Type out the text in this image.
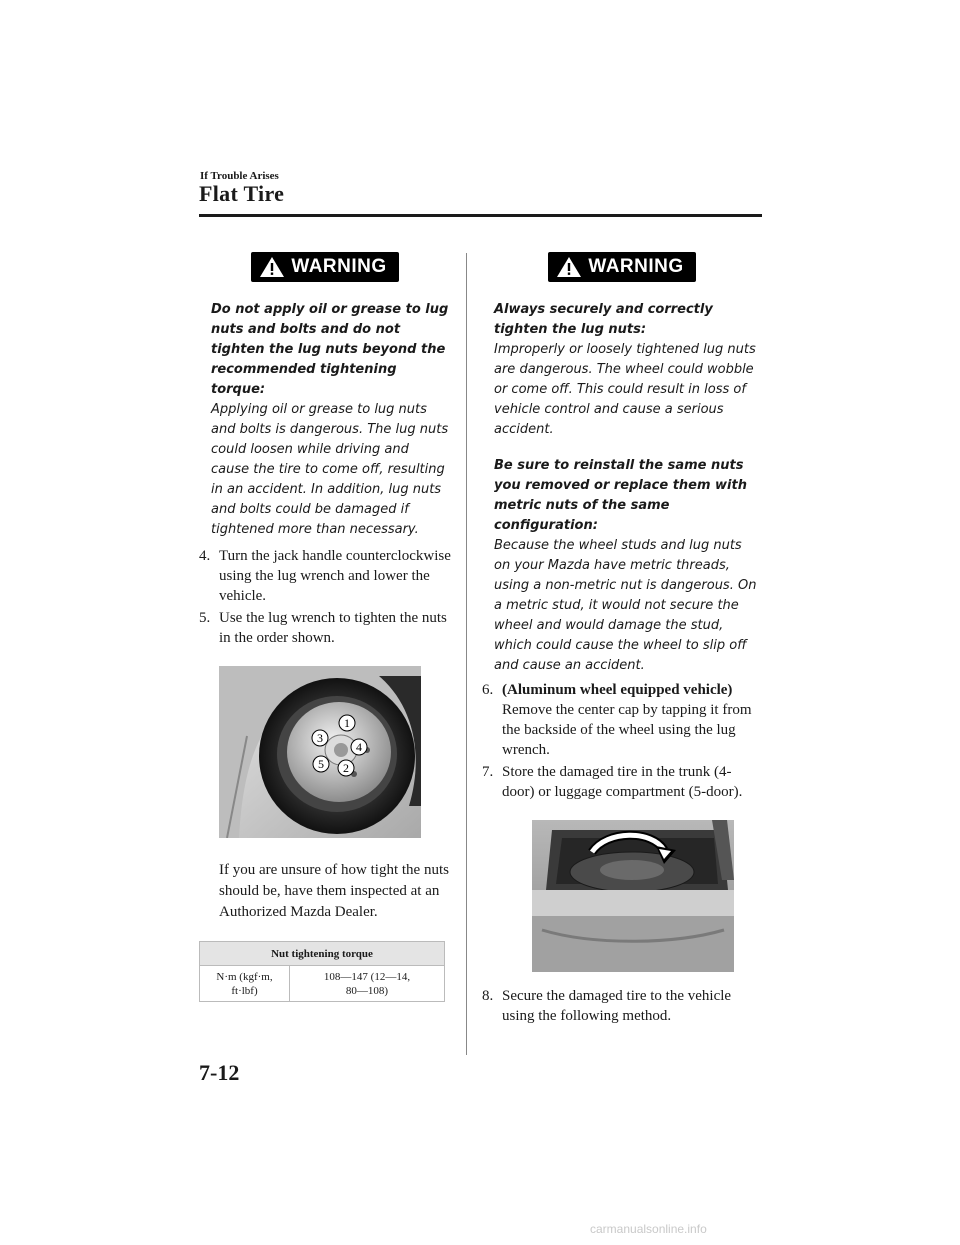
If Trouble Arises
Flat Tire
WARNING

Do not apply oil or grease to lug nuts and bolts and do not tighten the lug nuts beyond the recommended tightening torque:

Applying oil or grease to lug nuts and bolts is dangerous. The lug nuts could loosen while driving and cause the tire to come off, resulting in an accident. In addition, lug nuts and bolts could be damaged if tightened more than necessary.

4. Turn the jack handle counterclockwise using the lug wrench and lower the vehicle.
5. Use the lug wrench to tighten the nuts in the order shown.
1
2
3
4
5

If you are unsure of how tight the nuts should be, have them inspected at an Authorized Mazda Dealer.

Nut tightening torque
N·m (kgf·m, ft·lbf)	108—147 (12—14,
80—108)
WARNING

Always securely and correctly tighten the lug nuts:

Improperly or loosely tightened lug nuts are dangerous. The wheel could wobble or come off. This could result in loss of vehicle control and cause a serious accident.

Be sure to reinstall the same nuts you removed or replace them with metric nuts of the same configuration:

Because the wheel studs and lug nuts on your Mazda have metric threads, using a non-metric nut is dangerous. On a metric stud, it would not secure the wheel and would damage the stud, which could cause the wheel to slip off and cause an accident.

6. (Aluminum wheel equipped vehicle)
Remove the center cap by tapping it from the backside of the wheel using the lug wrench.
7. Store the damaged tire in the trunk (4-door) or luggage compartment (5-door).
8. Secure the damaged tire to the vehicle using the following method.
7-12
carmanualsonline.info
